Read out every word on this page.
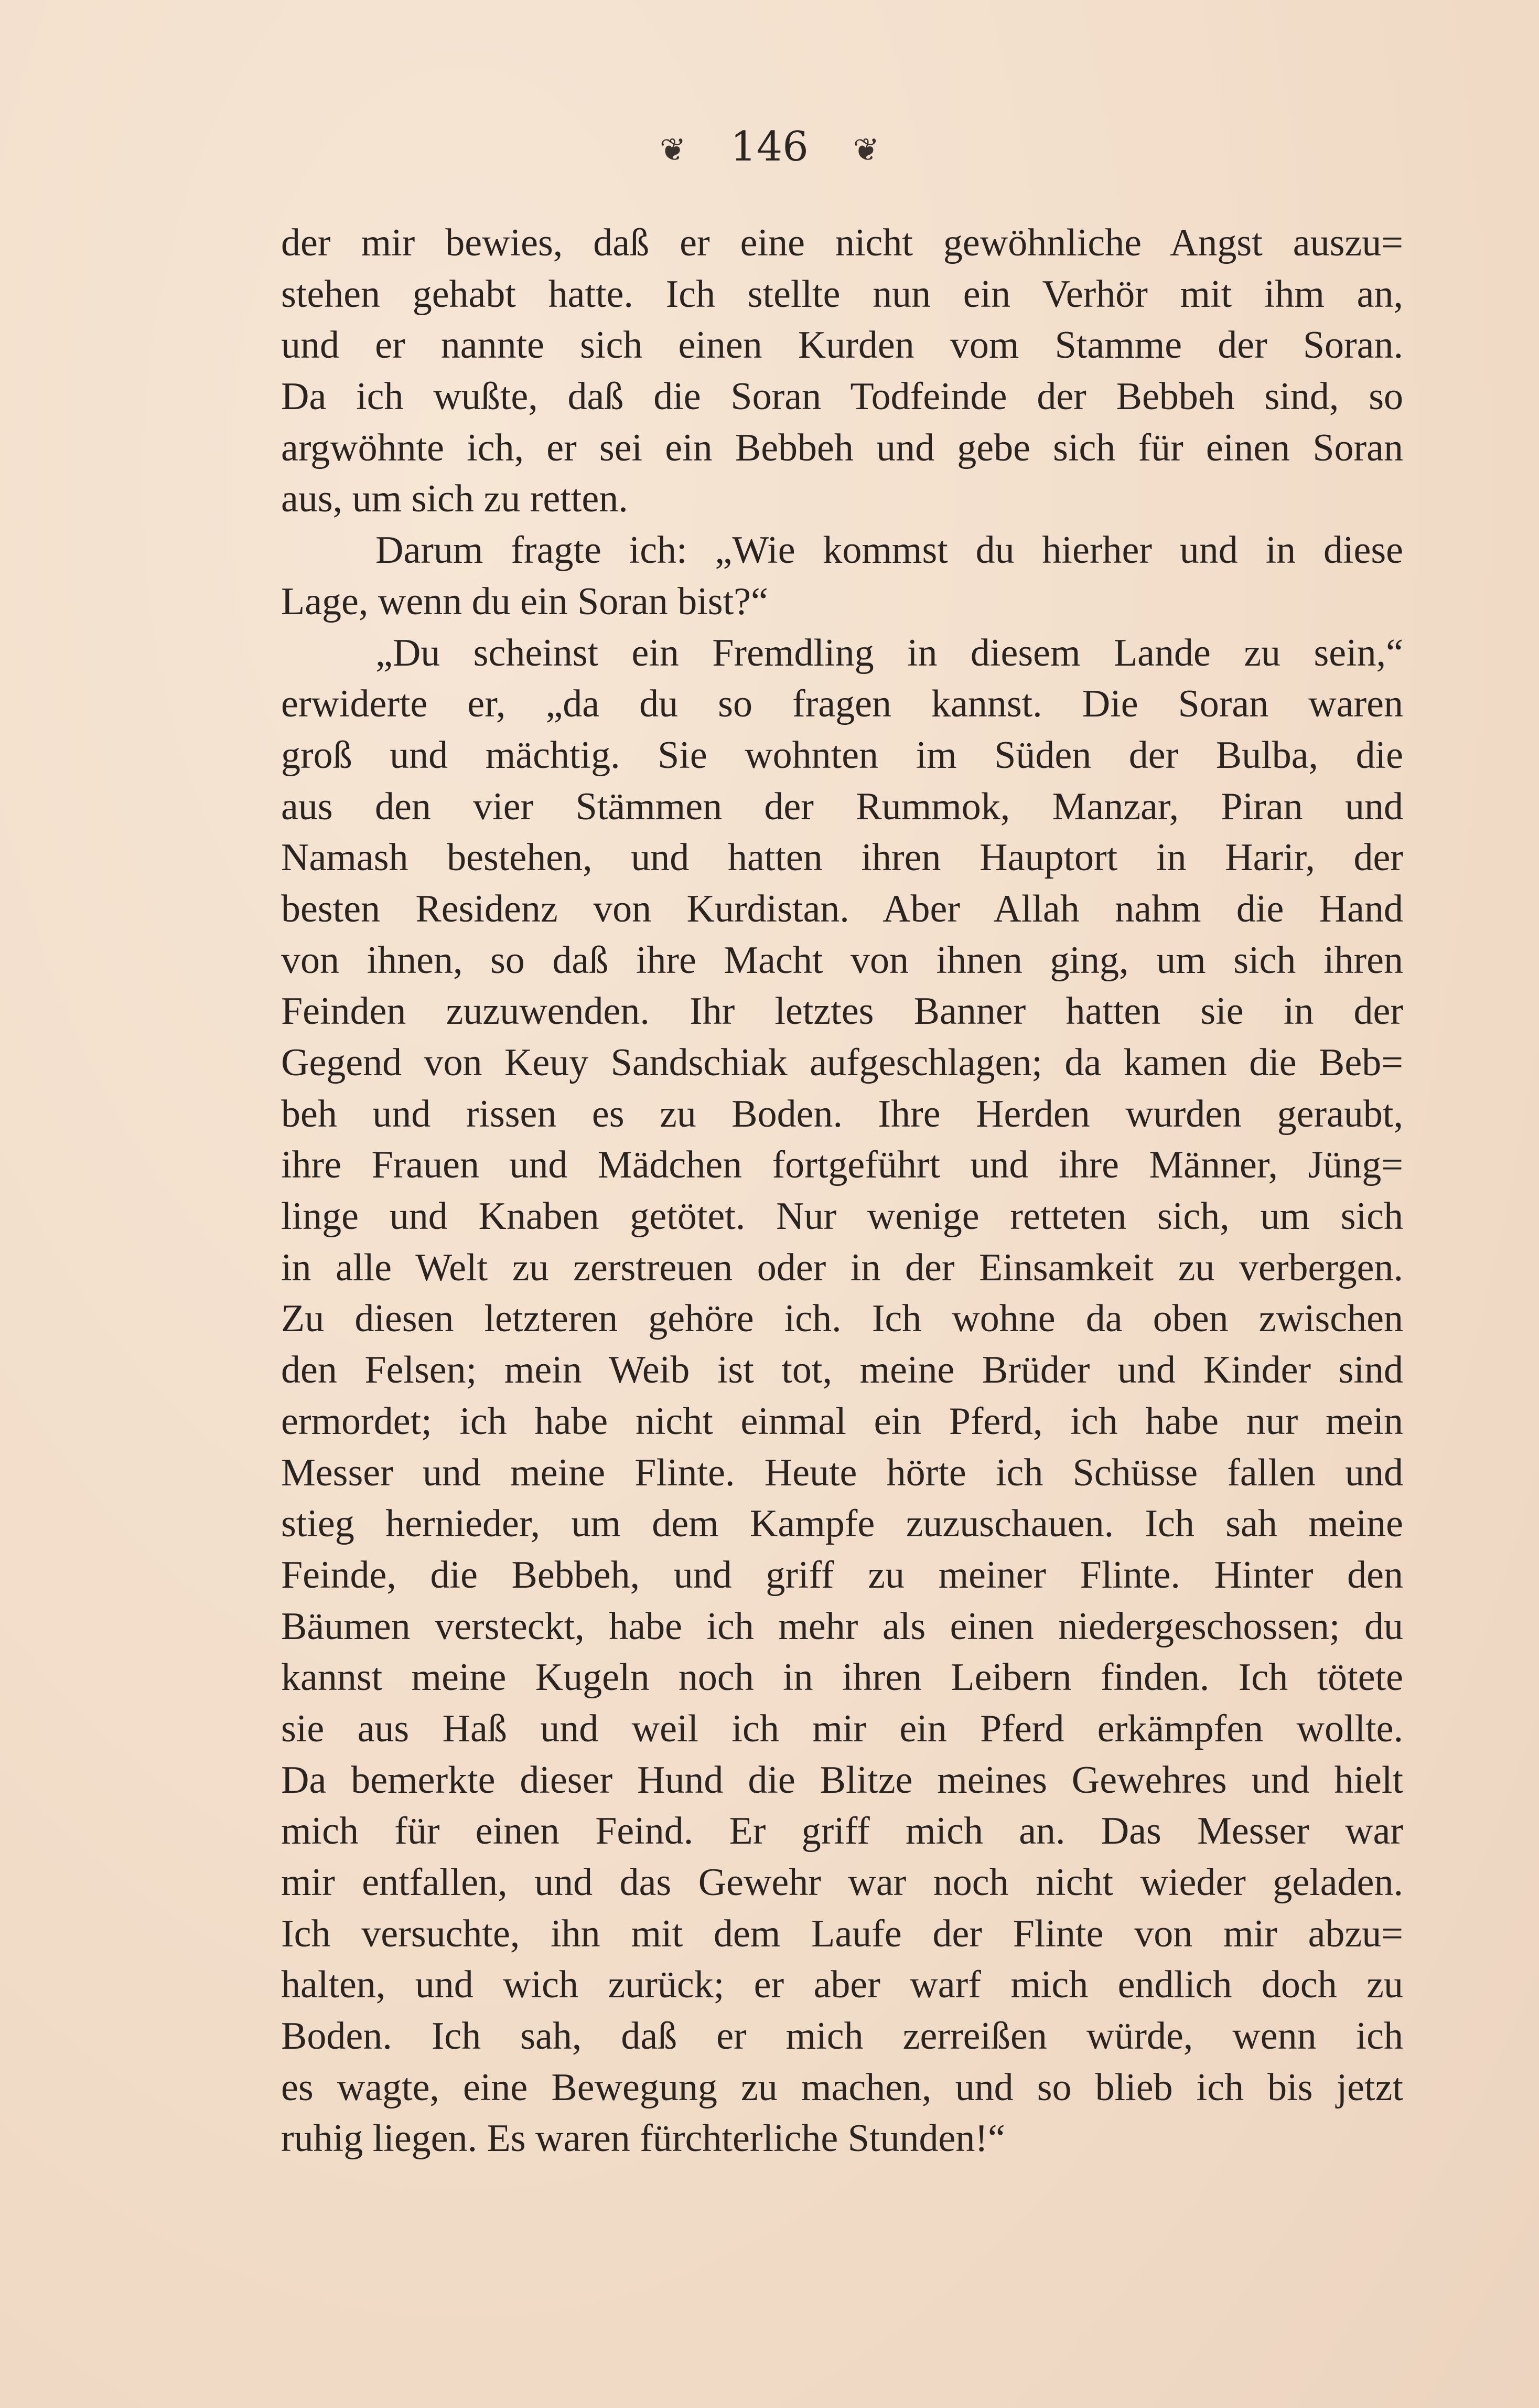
❦ 146 ❦
der mir bewies, daß er eine nicht gewöhnliche Angst auszu=
stehen gehabt hatte. Ich stellte nun ein Verhör mit ihm an,
und er nannte sich einen Kurden vom Stamme der Soran.
Da ich wußte, daß die Soran Todfeinde der Bebbeh sind, so
argwöhnte ich, er sei ein Bebbeh und gebe sich für einen Soran
aus, um sich zu retten.
Darum fragte ich: „Wie kommst du hierher und in diese
Lage, wenn du ein Soran bist?“
„Du scheinst ein Fremdling in diesem Lande zu sein,“
erwiderte er, „da du so fragen kannst. Die Soran waren
groß und mächtig. Sie wohnten im Süden der Bulba, die
aus den vier Stämmen der Rummok, Manzar, Piran und
Namash bestehen, und hatten ihren Hauptort in Harir, der
besten Residenz von Kurdistan. Aber Allah nahm die Hand
von ihnen, so daß ihre Macht von ihnen ging, um sich ihren
Feinden zuzuwenden. Ihr letztes Banner hatten sie in der
Gegend von Keuy Sandschiak aufgeschlagen; da kamen die Beb=
beh und rissen es zu Boden. Ihre Herden wurden geraubt,
ihre Frauen und Mädchen fortgeführt und ihre Männer, Jüng=
linge und Knaben getötet. Nur wenige retteten sich, um sich
in alle Welt zu zerstreuen oder in der Einsamkeit zu verbergen.
Zu diesen letzteren gehöre ich. Ich wohne da oben zwischen
den Felsen; mein Weib ist tot, meine Brüder und Kinder sind
ermordet; ich habe nicht einmal ein Pferd, ich habe nur mein
Messer und meine Flinte. Heute hörte ich Schüsse fallen und
stieg hernieder, um dem Kampfe zuzuschauen. Ich sah meine
Feinde, die Bebbeh, und griff zu meiner Flinte. Hinter den
Bäumen versteckt, habe ich mehr als einen niedergeschossen; du
kannst meine Kugeln noch in ihren Leibern finden. Ich tötete
sie aus Haß und weil ich mir ein Pferd erkämpfen wollte.
Da bemerkte dieser Hund die Blitze meines Gewehres und hielt
mich für einen Feind. Er griff mich an. Das Messer war
mir entfallen, und das Gewehr war noch nicht wieder geladen.
Ich versuchte, ihn mit dem Laufe der Flinte von mir abzu=
halten, und wich zurück; er aber warf mich endlich doch zu
Boden. Ich sah, daß er mich zerreißen würde, wenn ich
es wagte, eine Bewegung zu machen, und so blieb ich bis jetzt
ruhig liegen. Es waren fürchterliche Stunden!“
